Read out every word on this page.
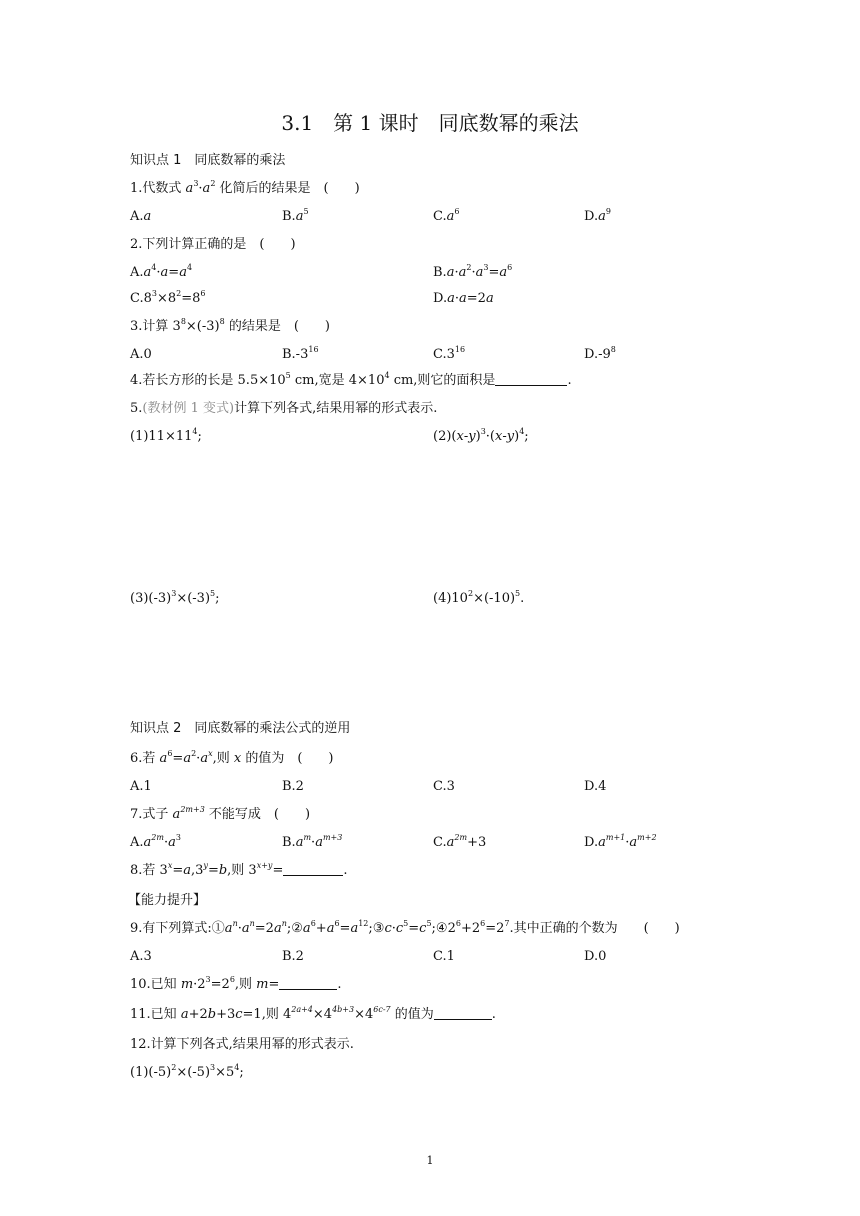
3.1　第 1 课时　同底数幂的乘法
知识点 1　同底数幂的乘法
1.代数式 $a^3\cdot a^2$ 化简后的结果是　(　　)
A.a	$B.a^5$	$C.a^6$	$D.a^9$
2.下列计算正确的是　(　　)
$A.a^4\cdot a=a^4$	$B.a\cdot a^2\cdot a^3=a^6$
$C.8^3\times 8^2=8^6$	D.a·a=2a
3.计算 $3^8\times(-3)^8$ 的结果是　(　　)
A.0	$B.-3^{16}$	$C.3^{16}$	$D.-9^8$
4.若长方形的长是 $5.5\times 10^5$ cm,宽是 $4\times 10^4$ cm,则它的面积是	.
5.(教材例 1 变式)计算下列各式,结果用幂的形式表示.
$(1)11\times 11^4$;	$(2)(x-y)^3\cdot(x-y)^4$;
$(3)(-3)^3\times(-3)^5$;	$(4)10^2\times(-10)^5$.
知识点 2　同底数幂的乘法公式的逆用
6.若 $a^6=a^2\cdot a^x$,则 x 的值为　(　　)
A.1	B.2	C.3	D.4
7.式子 $a^{2m+3}$ 不能写成　(　　)
$A.a^{2m}\cdot a^3$	$B.a^m\cdot a^{m+3}$	$C.a^{2m}+3$	$D.a^{m+1}\cdot a^{m+2}$
8.若 $3^x=a,3^y=b$,则 $3^{x+y}=$	.
【能力提升】
9.有下列算式$:①a^n\cdot a^n=2a^n;②a^6+a^6=a^{12};③c\cdot c^5=c^5;④2^6+2^6=2^7$.其中正确的个数为　　(　　)
A.3	B.2	C.1	D.0
10.已知 $m\cdot 2^3=2^6$,则 m=	.
11.已知 a+2b+3c=1,则 $4^{2a+4}\times 4^{4b+3}\times 4^{6c-7}$ 的值为	.
12.计算下列各式,结果用幂的形式表示.
$(1)(-5)^2\times(-5)^3\times 5^4$;
1
